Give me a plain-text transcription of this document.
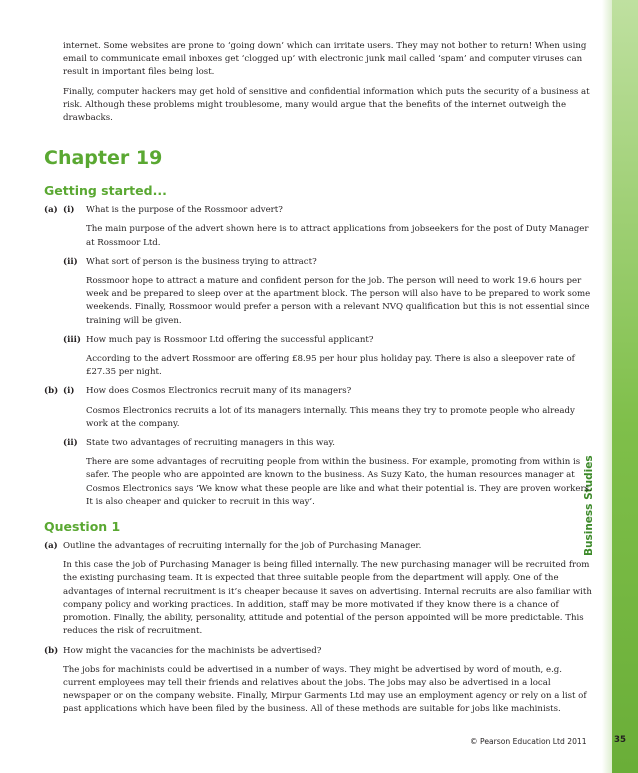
Business Studies

internet. Some websites are prone to ‘going down’ which can irritate users. They may not bother to return! When using email to communicate email inboxes get ‘clogged up’ with electronic junk mail called ‘spam’ and computer viruses can result in important files being lost.

Finally, computer hackers may get hold of sensitive and confidential information which puts the security of a business at risk. Although these problems might troublesome, many would argue that the benefits of the internet outweigh the drawbacks.

Chapter 19
Getting started...
(a) (i)	What is the purpose of the Rossmoor advert?

The main purpose of the advert shown here is to attract applications from jobseekers for the post of Duty Manager at Rossmoor Ltd.

(ii) What sort of person is the business trying to attract?

Rossmoor hope to attract a mature and confident person for the job. The person will need to work 19.6 hours per week and be prepared to sleep over at the apartment block. The person will also have to be prepared to work some weekends. Finally, Rossmoor would prefer a person with a relevant NVQ qualification but this is not essential since training will be given.

(iii) How much pay is Rossmoor Ltd offering the successful applicant?

According to the advert Rossmoor are offering £8.95 per hour plus holiday pay. There is also a sleepover rate of £27.35 per night.

(b) (i)	How does Cosmos Electronics recruit many of its managers?

Cosmos Electronics recruits a lot of its managers internally. This means they try to promote people who already work at the company.

(ii) State two advantages of recruiting managers in this way.

There are some advantages of recruiting people from within the business. For example, promoting from within is safer. The people who are appointed are known to the business. As Suzy Kato, the human resources manager at Cosmos Electronics says ‘We know what these people are like and what their potential is. They are proven workers. It is also cheaper and quicker to recruit in this way’.

Question 1
(a) Outline the advantages of recruiting internally for the job of Purchasing Manager.

In this case the job of Purchasing Manager is being filled internally. The new purchasing manager will be recruited from the existing purchasing team. It is expected that three suitable people from the department will apply. One of the advantages of internal recruitment is it’s cheaper because it saves on advertising. Internal recruits are also familiar with company policy and working practices. In addition, staff may be more motivated if they know there is a chance of promotion. Finally, the ability, personality, attitude and potential of the person appointed will be more predictable. This reduces the risk of recruitment.

(b) How might the vacancies for the machinists be advertised?

The jobs for machinists could be advertised in a number of ways. They might be advertised by word of mouth, e.g. current employees may tell their friends and relatives about the jobs. The jobs may also be advertised in a local newspaper or on the company website. Finally, Mirpur Garments Ltd may use an employment agency or rely on a list of past applications which have been filed by the business. All of these methods are suitable for jobs like machinists.

© Pearson Education Ltd 2011	35
